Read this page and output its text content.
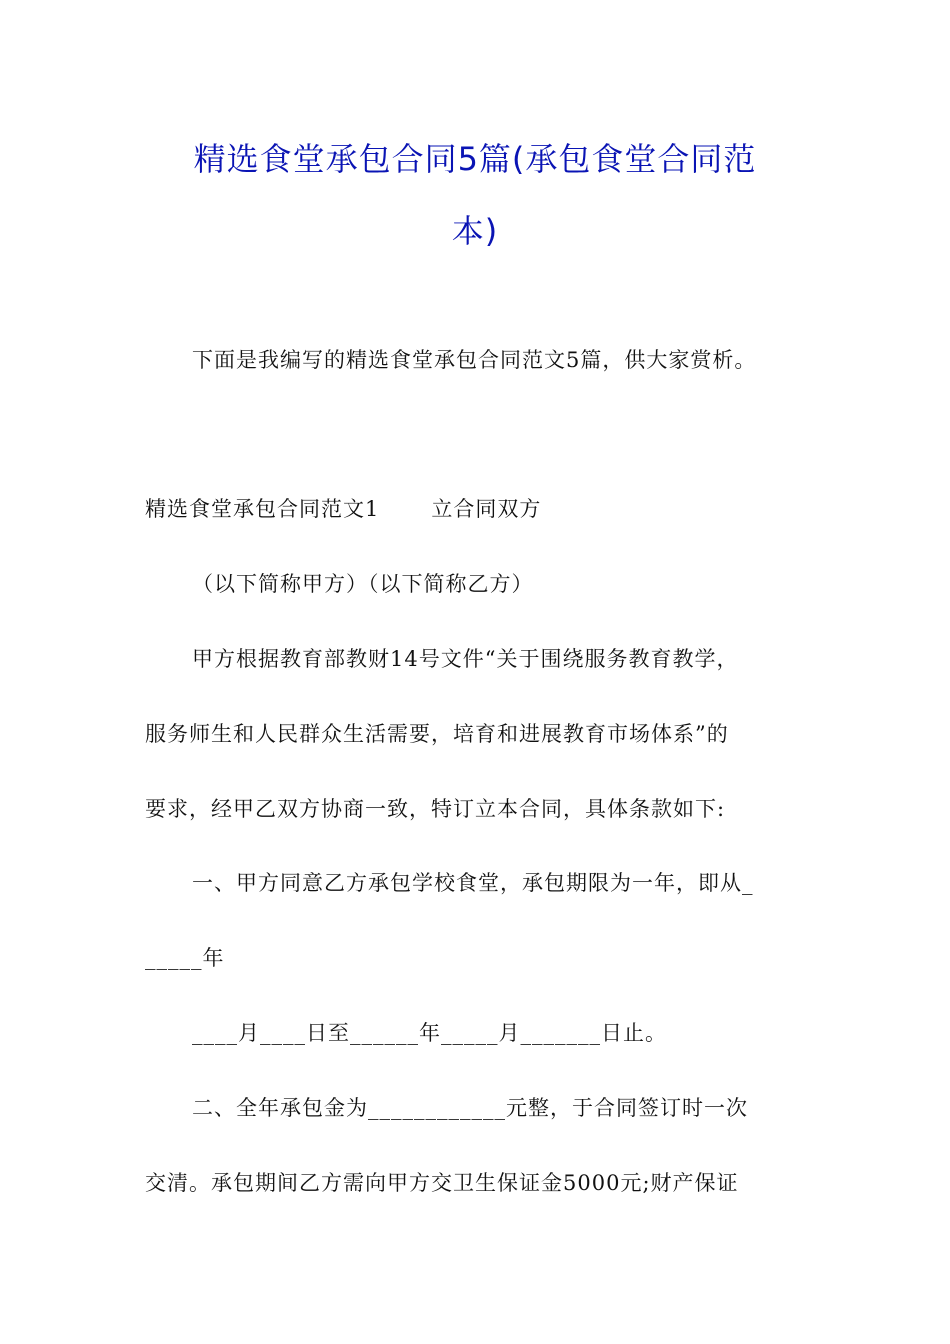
精选食堂承包合同5篇(承包食堂合同范
本)
下面是我编写的精选食堂承包合同范文5篇，供大家赏析。
精选食堂承包合同范文1 立合同双方
（以下简称甲方）（以下简称乙方）
甲方根据教育部教财14号文件“关于围绕服务教育教学，
服务师生和人民群众生活需要，培育和进展教育市场体系”的
要求，经甲乙双方协商一致，特订立本合同，具体条款如下:
一、甲方同意乙方承包学校食堂，承包期限为一年，即从_
_____年
____月____日至______年_____月_______日止。
二、全年承包金为____________元整，于合同签订时一次
交清。承包期间乙方需向甲方交卫生保证金5000元;财产保证
